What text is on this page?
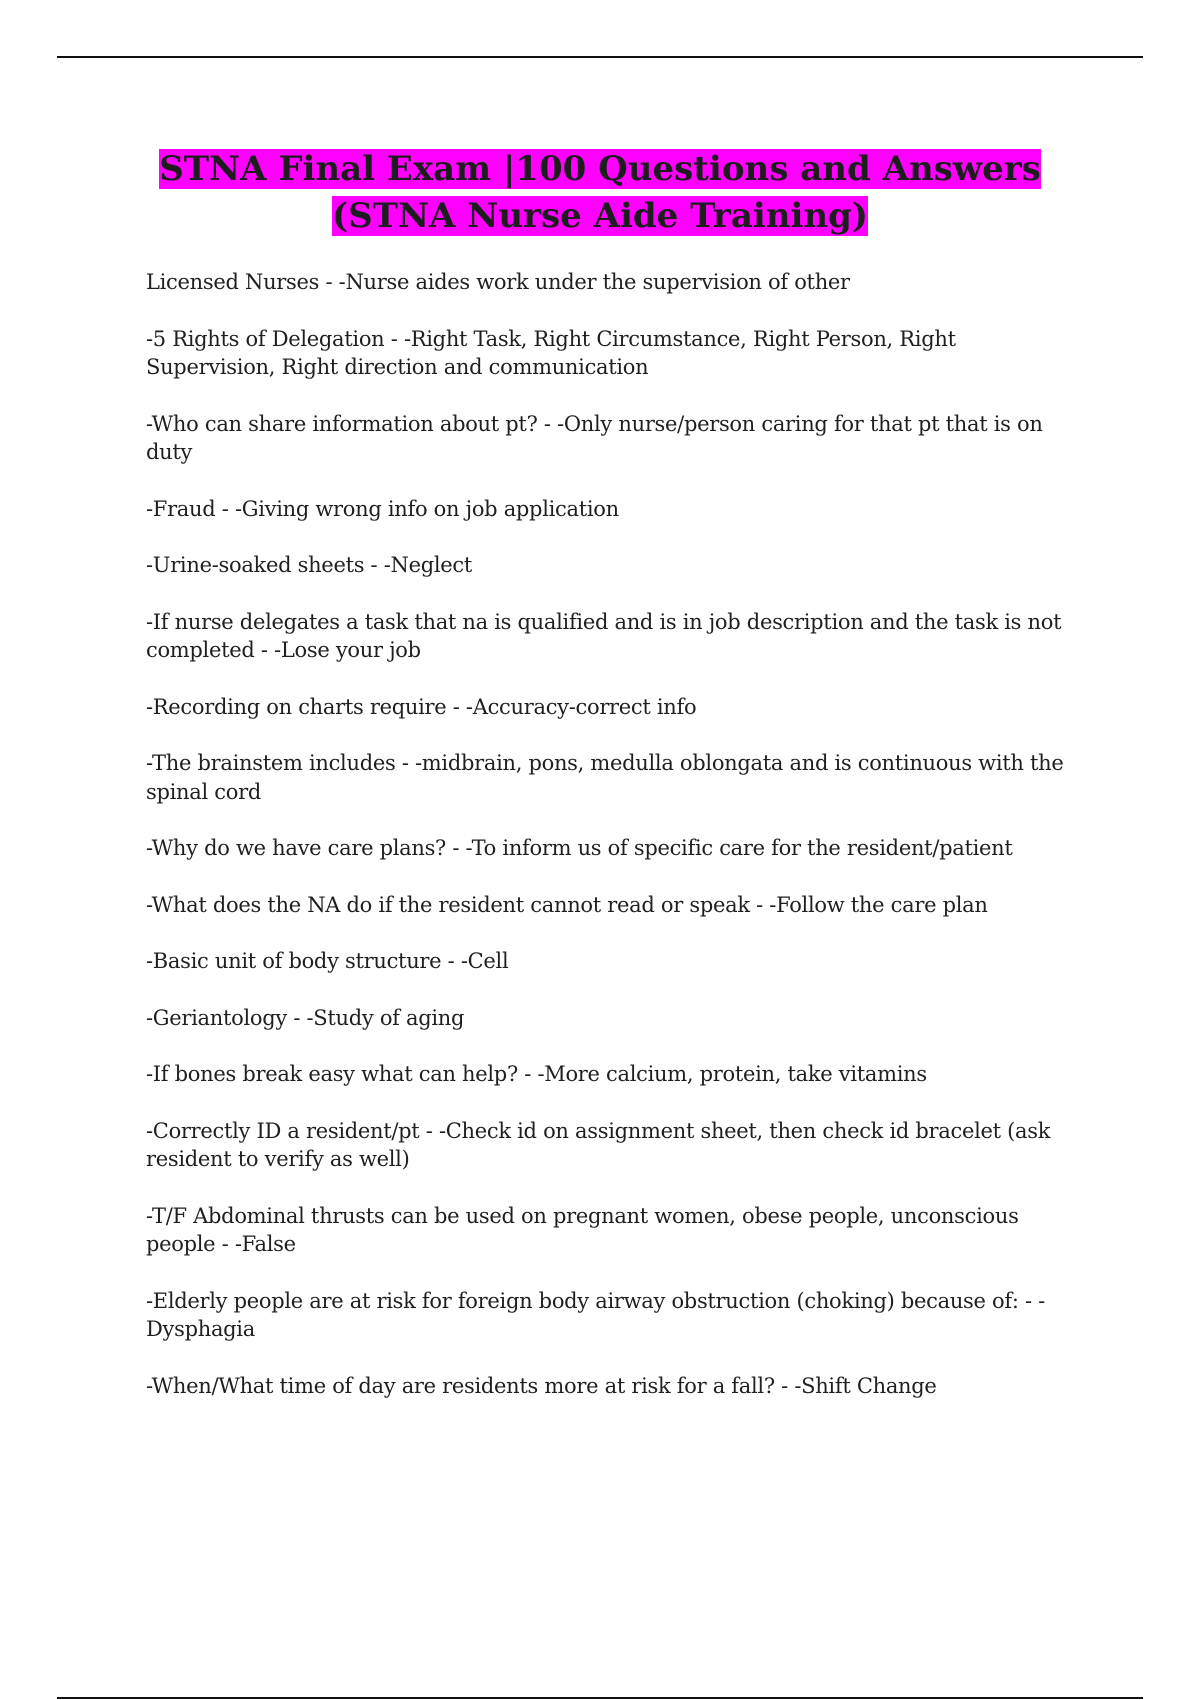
STNA Final Exam |100 Questions and Answers
(STNA Nurse Aide Training)

Licensed Nurses - -Nurse aides work under the supervision of other

-5 Rights of Delegation - -Right Task, Right Circumstance, Right Person, Right Supervision, Right direction and communication

-Who can share information about pt? - -Only nurse/person caring for that pt that is on duty

-Fraud - -Giving wrong info on job application

-Urine-soaked sheets - -Neglect

-If nurse delegates a task that na is qualified and is in job description and the task is not completed - -Lose your job

-Recording on charts require - -Accuracy-correct info

-The brainstem includes - -midbrain, pons, medulla oblongata and is continuous with the spinal cord

-Why do we have care plans? - -To inform us of specific care for the resident/patient

-What does the NA do if the resident cannot read or speak - -Follow the care plan

-Basic unit of body structure - -Cell

-Geriantology - -Study of aging

-If bones break easy what can help? - -More calcium, protein, take vitamins

-Correctly ID a resident/pt - -Check id on assignment sheet, then check id bracelet (ask resident to verify as well)

-T/F Abdominal thrusts can be used on pregnant women, obese people, unconscious people - -False

-Elderly people are at risk for foreign body airway obstruction (choking) because of: - -Dysphagia

-When/What time of day are residents more at risk for a fall? - -Shift Change
